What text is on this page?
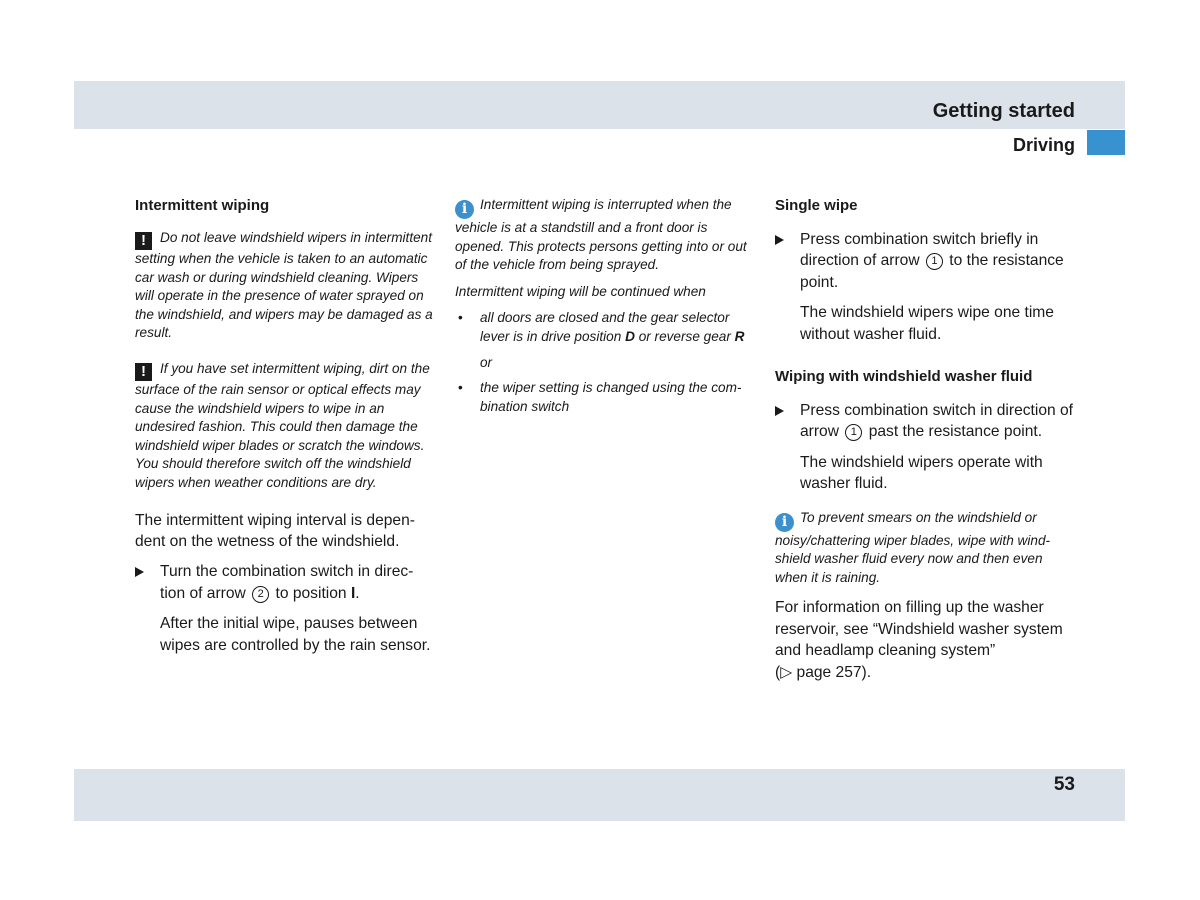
Getting started
Driving
Intermittent wiping

! Do not leave windshield wipers in intermittent setting when the vehicle is taken to an automatic car wash or during windshield cleaning. Wipers will operate in the presence of water sprayed on the windshield, and wipers may be damaged as a result.

! If you have set intermittent wiping, dirt on the surface of the rain sensor or optical effects may cause the windshield wipers to wipe in an undesired fashion. This could then damage the windshield wiper blades or scratch the windows. You should therefore switch off the windshield wipers when weather conditions are dry.

The intermittent wiping interval is depen-dent on the wetness of the windshield.

Turn the combination switch in direc-tion of arrow 2 to position I.

After the initial wipe, pauses between wipes are controlled by the rain sensor.

i Intermittent wiping is interrupted when the vehicle is at a standstill and a front door is opened. This protects persons getting into or out of the vehicle from being sprayed.

Intermittent wiping will be continued when

• all doors are closed and the gear selector lever is in drive position D or reverse gear R
or
• the wiper setting is changed using the com-bination switch
Single wipe

Press combination switch briefly in direction of arrow 1 to the resistance point.

The windshield wipers wipe one time without washer fluid.

Wiping with windshield washer fluid

Press combination switch in direction of arrow 1 past the resistance point.

The windshield wipers operate with washer fluid.

i To prevent smears on the windshield or noisy/chattering wiper blades, wipe with wind-shield washer fluid every now and then even when it is raining.

For information on filling up the washer reservoir, see “Windshield washer system and headlamp cleaning system”
(▷ page 257).

53
